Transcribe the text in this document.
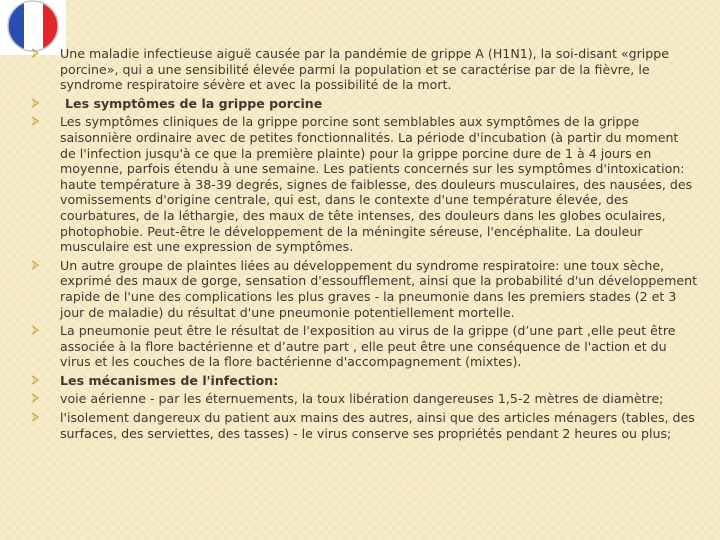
Une maladie infectieuse aiguë causée par la pandémie de grippe A (H1N1), la soi-disant «grippe porcine», qui a une sensibilité élevée parmi la population et se caractérise par de la fièvre, le syndrome respiratoire sévère et avec la possibilité de la mort.
Les symptômes de la grippe porcine
Les symptômes cliniques de la grippe porcine sont semblables aux symptômes de la grippe saisonnière ordinaire avec de petites fonctionnalités. La période d'incubation (à partir du moment de l'infection jusqu'à ce que la première plainte) pour la grippe porcine dure de 1 à 4 jours en moyenne, parfois étendu à une semaine. Les patients concernés sur les symptômes d'intoxication: haute température à 38-39 degrés, signes de faiblesse, des douleurs musculaires, des nausées, des vomissements d'origine centrale, qui est, dans le contexte d'une température élevée, des courbatures, de la léthargie, des maux de tête intenses, des douleurs dans les globes oculaires, photophobie. Peut-être le développement de la méningite séreuse, l'encéphalite. La douleur musculaire est une expression de symptômes.
Un autre groupe de plaintes liées au développement du syndrome respiratoire: une toux sèche, exprimé des maux de gorge, sensation d'essoufflement, ainsi que la probabilité d'un développement rapide de l'une des complications les plus graves - la pneumonie dans les premiers stades (2 et 3 jour de maladie) du résultat d'une pneumonie potentiellement mortelle.
La pneumonie peut être le résultat de l'exposition au virus de la grippe (d’une part ,elle peut être associée à la flore bactérienne et d’autre part , elle peut être une conséquence de l'action et du virus et les couches de la flore bactérienne d'accompagnement (mixtes).
Les mécanismes de l'infection:
voie aérienne - par les éternuements, la toux libération dangereuses 1,5-2 mètres de diamètre;
l'isolement dangereux du patient aux mains des autres, ainsi que des articles ménagers (tables, des surfaces, des serviettes, des tasses) - le virus conserve ses propriétés pendant 2 heures ou plus;
